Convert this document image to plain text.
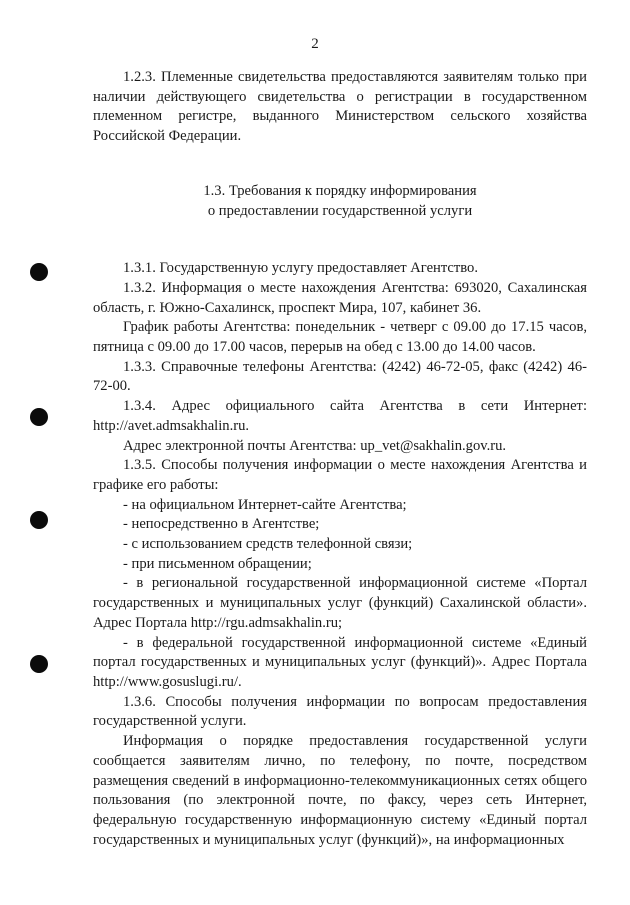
2

1.2.3. Племенные свидетельства предоставляются заявителям только при наличии действующего свидетельства о регистрации в государственном племенном регистре, выданного Министерством сельского хозяйства Российской Федерации.

1.3. Требования к порядку информирования
о предоставлении государственной услуги

1.3.1. Государственную услугу предоставляет Агентство.

1.3.2. Информация о месте нахождения Агентства: 693020, Сахалинская область, г. Южно-Сахалинск, проспект Мира, 107, кабинет 36.

График работы Агентства: понедельник - четверг с 09.00 до 17.15 часов, пятница с 09.00 до 17.00 часов, перерыв на обед с 13.00 до 14.00 часов.

1.3.3. Справочные телефоны Агентства: (4242) 46-72-05, факс (4242) 46-72-00.

1.3.4. Адрес официального сайта Агентства в сети Интернет: http://avet.admsakhalin.ru.

Адрес электронной почты Агентства: up_vet@sakhalin.gov.ru.

1.3.5. Способы получения информации о месте нахождения Агентства и графике его работы:

- на официальном Интернет-сайте Агентства;

- непосредственно в Агентстве;

- с использованием средств телефонной связи;

- при письменном обращении;

- в региональной государственной информационной системе «Портал государственных и муниципальных услуг (функций) Сахалинской области». Адрес Портала http://rgu.admsakhalin.ru;

- в федеральной государственной информационной системе «Единый портал государственных и муниципальных услуг (функций)». Адрес Портала http://www.gosuslugi.ru/.

1.3.6. Способы получения информации по вопросам предоставления государственной услуги.

Информация о порядке предоставления государственной услуги сообщается заявителям лично, по телефону, по почте, посредством размещения сведений в информационно-телекоммуникационных сетях общего пользования (по электронной почте, по факсу, через сеть Интернет, федеральную государственную информационную систему «Единый портал государственных и муниципальных услуг (функций)», на информационных
